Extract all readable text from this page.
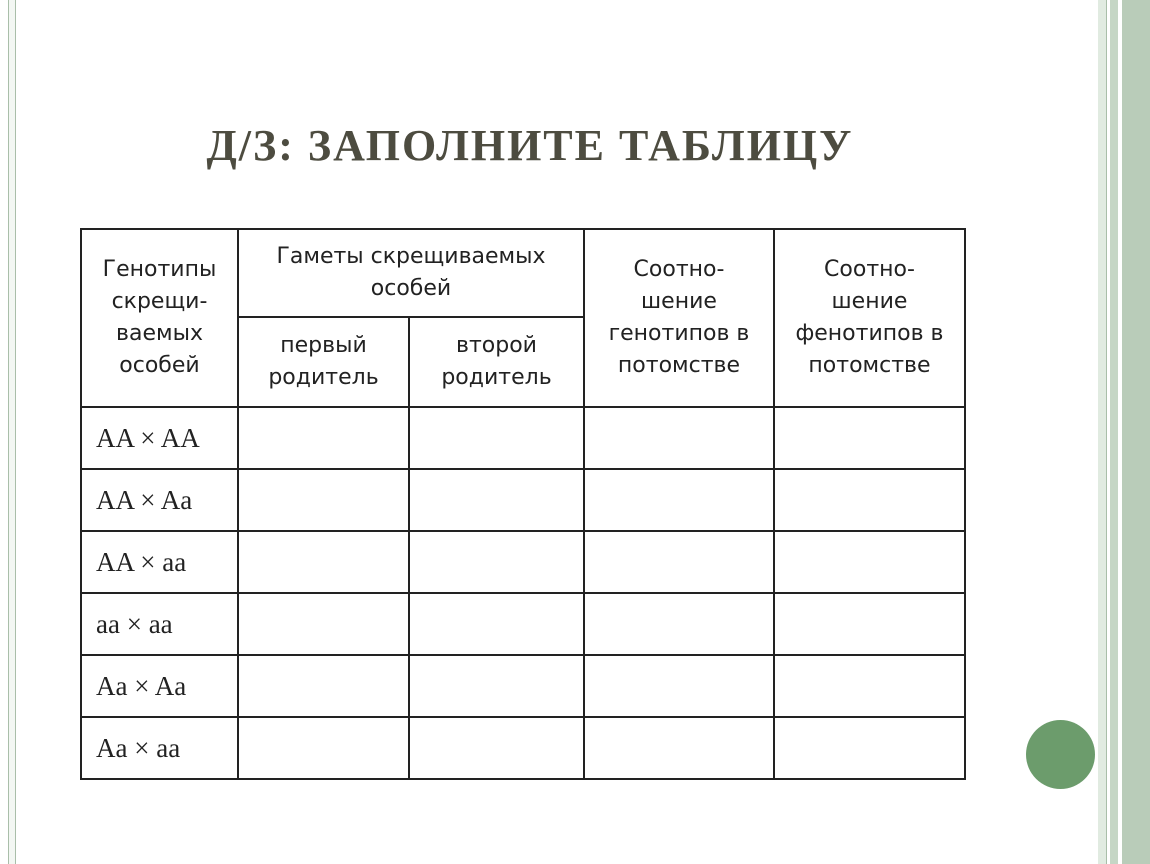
Д/З: ЗАПОЛНИТЕ ТАБЛИЦУ
Генотипы скрещи- ваемых особей	Гаметы скрещиваемых особей		Соотно- шение генотипов в потомстве	Соотно- шение фенотипов в потомстве
	первый родитель	второй родитель		
AA × AA				
AA × Aa				
AA × aa				
aa × aa				
Aa × Aa				
Aa × aa				
